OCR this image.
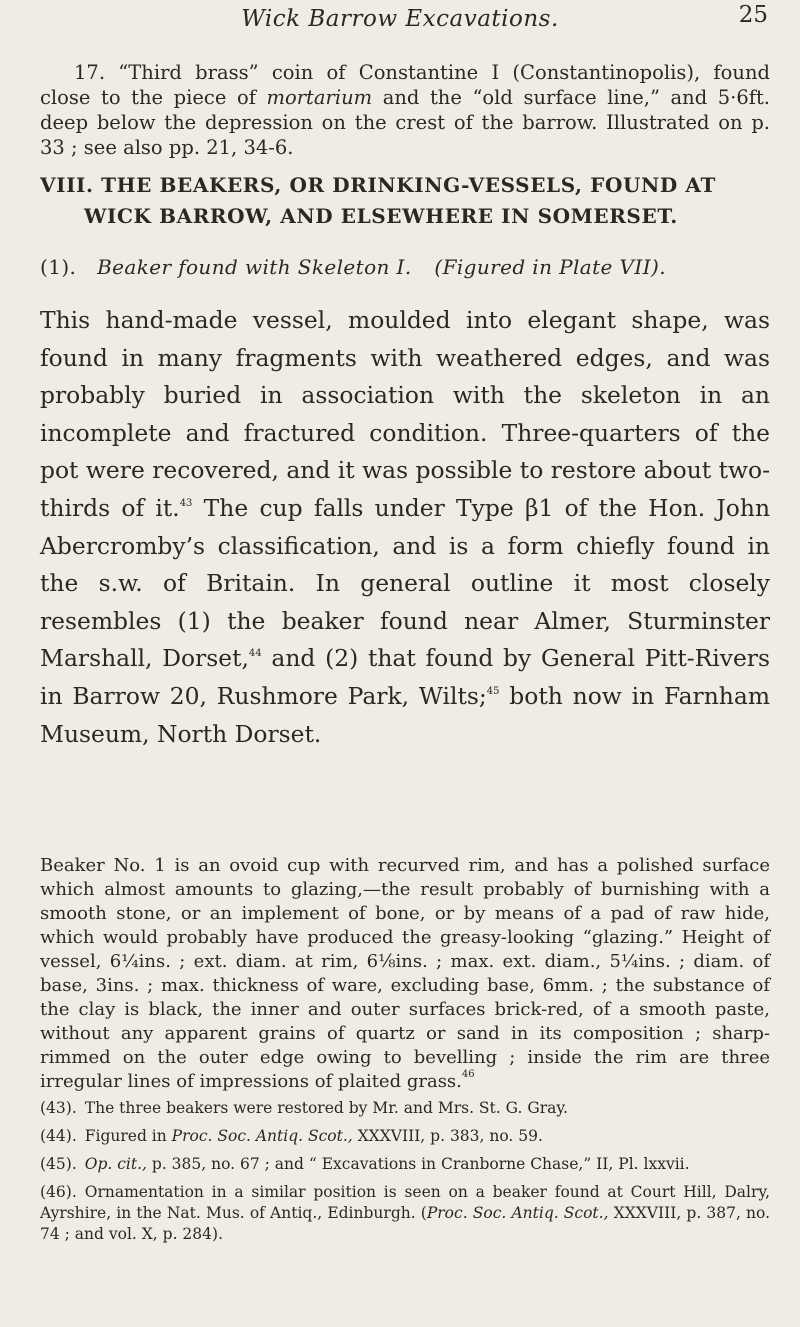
Wick Barrow Excavations.	25
17. “Third brass” coin of Constantine I (Constantinopolis), found close to the piece of mortarium and the “old surface line,” and 5·6ft. deep below the depression on the crest of the barrow. Illustrated on p. 33 ; see also pp. 21, 34-6.
VIII. THE BEAKERS, OR DRINKING-VESSELS, FOUND AT
WICK BARROW, AND ELSEWHERE IN SOMERSET.
(1). Beaker found with Skeleton I. (Figured in Plate VII).
This hand-made vessel, moulded into elegant shape, was found in many fragments with weathered edges, and was probably buried in association with the skeleton in an incomplete and fractured condition. Three-quarters of the pot were recovered, and it was possible to restore about two-thirds of it.$^{43}$ The cup falls under Type β1 of the Hon. John Abercromby’s classification, and is a form chiefly found in the s.w. of Britain. In general outline it most closely resembles (1) the beaker found near Almer, Sturminster Marshall, Dorset,$^{44}$ and (2) that found by General Pitt-Rivers in Barrow 20, Rushmore Park, Wilts;$^{45}$ both now in Farnham Museum, North Dorset.
Beaker No. 1 is an ovoid cup with recurved rim, and has a polished surface which almost amounts to glazing,—the result probably of burnishing with a smooth stone, or an implement of bone, or by means of a pad of raw hide, which would probably have produced the greasy-looking “glazing.” Height of vessel, 6¼ins. ; ext. diam. at rim, 6⅛ins. ; max. ext. diam., 5¼ins. ; diam. of base, 3ins. ; max. thickness of ware, excluding base, 6mm. ; the substance of the clay is black, the inner and outer surfaces brick-red, of a smooth paste, without any apparent grains of quartz or sand in its composition ; sharp-rimmed on the outer edge owing to bevelling ; inside the rim are three irregular lines of impressions of plaited grass.$^{46}$
(43). The three beakers were restored by Mr. and Mrs. St. G. Gray.
(44). Figured in Proc. Soc. Antiq. Scot., XXXVIII, p. 383, no. 59.
(45). Op. cit., p. 385, no. 67 ; and “ Excavations in Cranborne Chase,” II, Pl. lxxvii.
(46). Ornamentation in a similar position is seen on a beaker found at Court Hill, Dalry, Ayrshire, in the Nat. Mus. of Antiq., Edinburgh. (Proc. Soc. Antiq. Scot., XXXVIII, p. 387, no. 74 ; and vol. X, p. 284).
